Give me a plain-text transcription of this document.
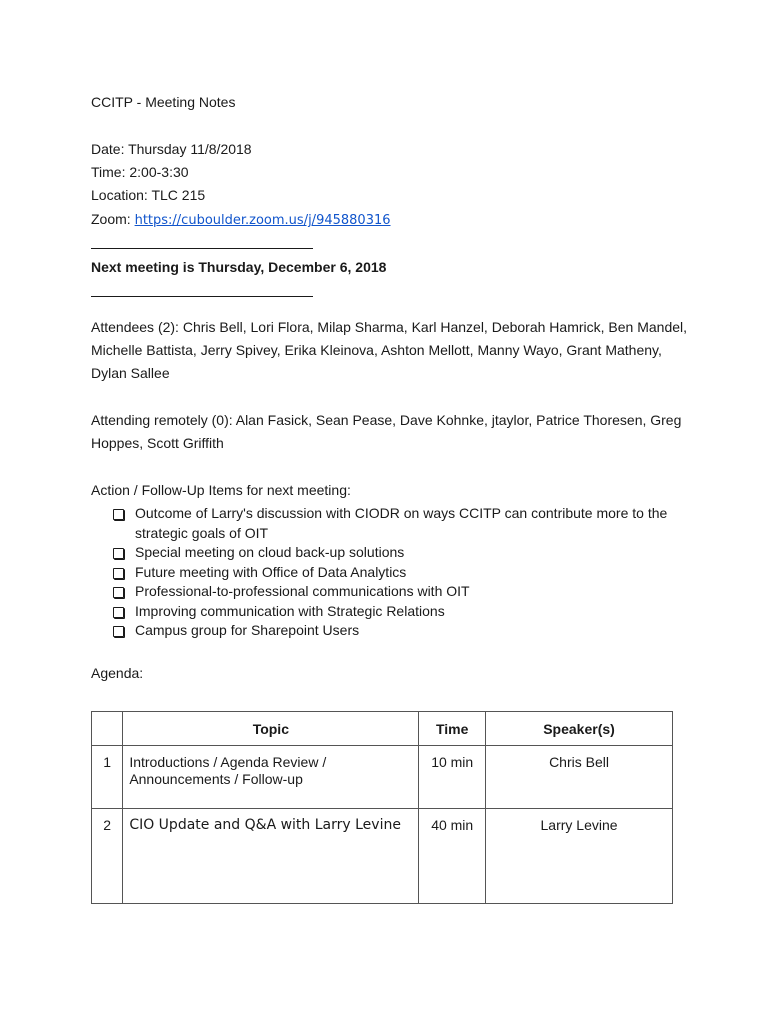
CCITP - Meeting Notes
Date: Thursday 11/8/2018
Time: 2:00-3:30
Location: TLC 215
Zoom: https://cuboulder.zoom.us/j/945880316
Next meeting is Thursday, December 6, 2018
Attendees (2): Chris Bell, Lori Flora, Milap Sharma, Karl Hanzel, Deborah Hamrick, Ben Mandel, Michelle Battista, Jerry Spivey, Erika Kleinova, Ashton Mellott, Manny Wayo, Grant Matheny, Dylan Sallee
Attending remotely (0): Alan Fasick, Sean Pease, Dave Kohnke, jtaylor, Patrice Thoresen, Greg Hoppes, Scott Griffith
Action / Follow-Up Items for next meeting:
Outcome of Larry's discussion with CIODR on ways CCITP can contribute more to the strategic goals of OIT
Special meeting on cloud back-up solutions
Future meeting with Office of Data Analytics
Professional-to-professional communications with OIT
Improving communication with Strategic Relations
Campus group for Sharepoint Users
Agenda:
	Topic	Time	Speaker(s)
1	Introductions / Agenda Review / Announcements / Follow-up	10 min	Chris Bell
2	CIO Update and Q&A with Larry Levine	40 min	Larry Levine
